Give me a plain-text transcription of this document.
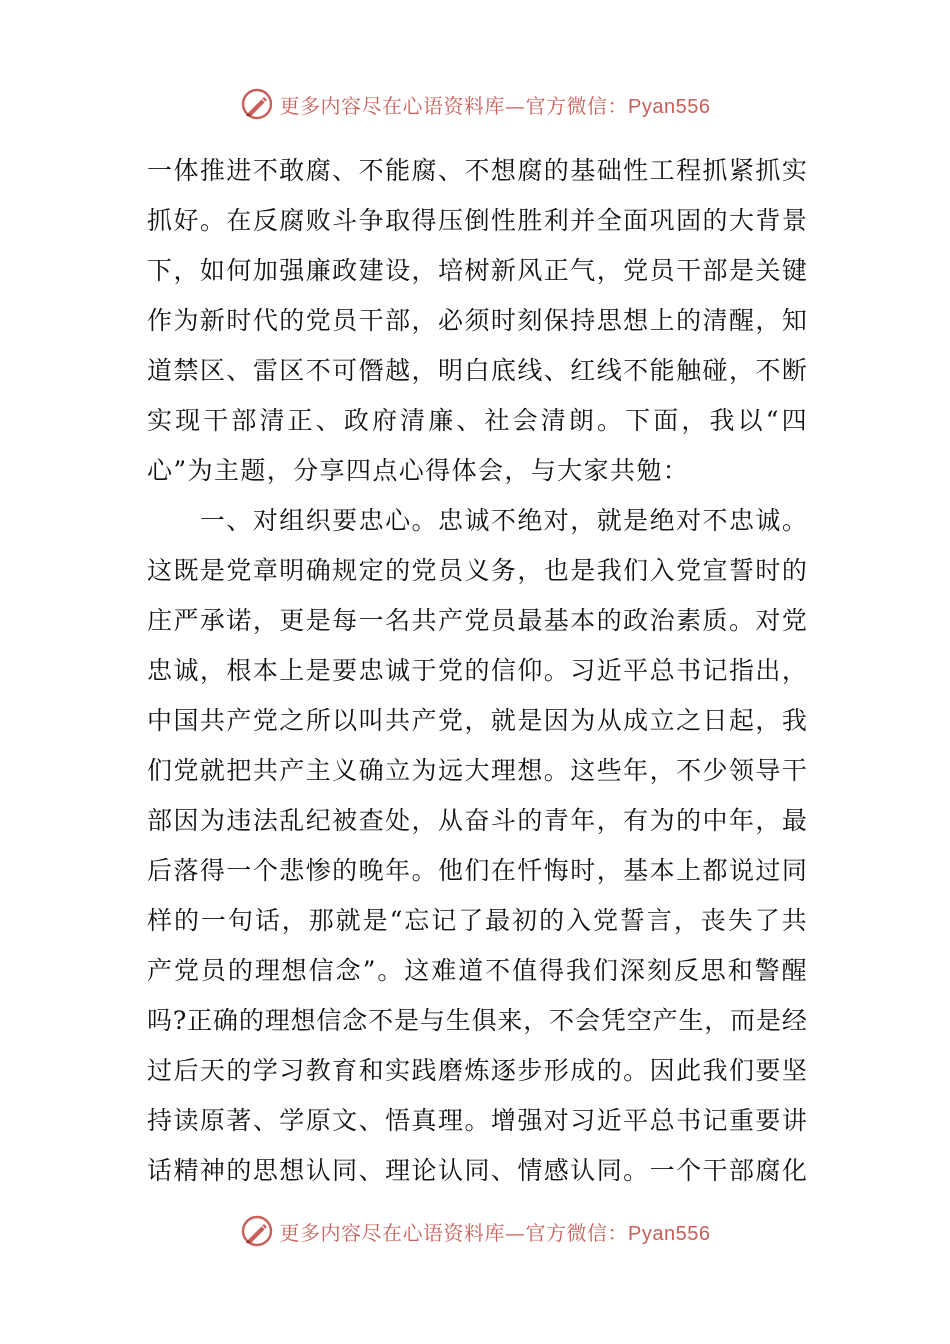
更多内容尽在心语资料库—官方微信：Pyan556
一 体 推 进 不 敢 腐 、 不 能 腐 、 不 想 腐 的 基 础 性 工 程 抓 紧 抓 实
抓 好 。 在 反 腐 败 斗 争 取 得 压 倒 性 胜 利 并 全 面 巩 固 的 大 背 景
下 ， 如 何 加 强 廉 政 建 设 ， 培 树 新 风 正 气 ， 党 员 干 部 是 关 键
作 为 新 时 代 的 党 员 干 部 ， 必 须 时 刻 保 持 思 想 上 的 清 醒 ， 知
道 禁 区 、 雷 区 不 可 僭 越 ， 明 白 底 线 、 红 线 不 能 触 碰 ， 不 断
实 现 干 部 清 正 、 政 府 清 廉 、 社 会 清 朗 。 下 面 ， 我 以 “ 四
心”为主题，分享四点心得体会，与大家共勉：

一 、 对 组 织 要 忠 心 。 忠 诚 不 绝 对 ， 就 是 绝 对 不 忠 诚 。
这 既 是 党 章 明 确 规 定 的 党 员 义 务 ， 也 是 我 们 入 党 宣 誓 时 的
庄 严 承 诺 ， 更 是 每 一 名 共 产 党 员 最 基 本 的 政 治 素 质 。 对 党
忠 诚 ， 根 本 上 是 要 忠 诚 于 党 的 信 仰 。 习 近 平 总 书 记 指 出 ，
中 国 共 产 党 之 所 以 叫 共 产 党 ， 就 是 因 为 从 成 立 之 日 起 ， 我
们 党 就 把 共 产 主 义 确 立 为 远 大 理 想 。 这 些 年 ， 不 少 领 导 干
部 因 为 违 法 乱 纪 被 查 处 ， 从 奋 斗 的 青 年 ， 有 为 的 中 年 ， 最
后 落 得 一 个 悲 惨 的 晚 年 。 他 们 在 忏 悔 时 ， 基 本 上 都 说 过 同
样 的 一 句 话 ， 那 就 是 “ 忘 记 了 最 初 的 入 党 誓 言 ， 丧 失 了 共
产 党 员 的 理 想 信 念 ” 。 这 难 道 不 值 得 我 们 深 刻 反 思 和 警 醒
吗 ? 正 确 的 理 想 信 念 不 是 与 生 俱 来 ， 不 会 凭 空 产 生 ， 而 是 经
过 后 天 的 学 习 教 育 和 实 践 磨 炼 逐 步 形 成 的 。 因 此 我 们 要 坚
持 读 原 著 、 学 原 文 、 悟 真 理 。 增 强 对 习 近 平 总 书 记 重 要 讲
话 精 神 的 思 想 认 同 、 理 论 认 同 、 情 感 认 同 。 一 个 干 部 腐 化
更多内容尽在心语资料库—官方微信：Pyan556
